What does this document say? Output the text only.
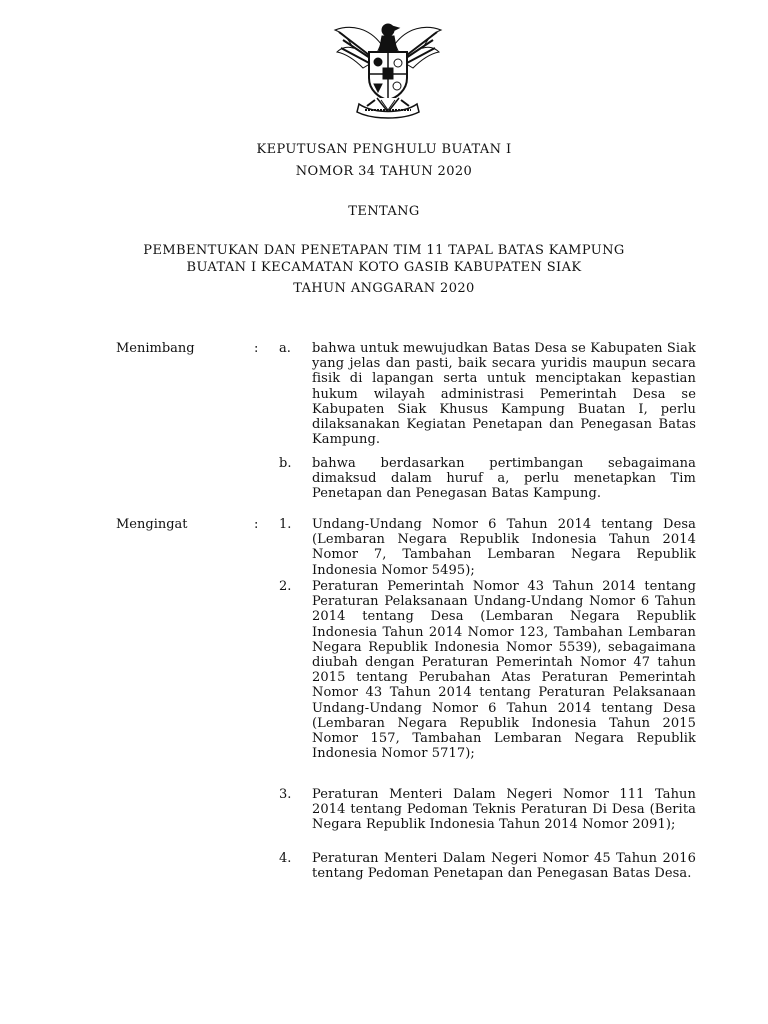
KEPUTUSAN PENGHULU BUATAN I
NOMOR 34 TAHUN 2020
TENTANG
PEMBENTUKAN DAN PENETAPAN TIM 11 TAPAL BATAS KAMPUNG
BUATAN I KECAMATAN KOTO GASIB KABUPATEN SIAK
TAHUN ANGGARAN 2020
Menimbang	: a. bahwa untuk mewujudkan Batas Desa se Kabupaten Siak yang jelas dan pasti, baik secara yuridis maupun secara fisik di lapangan serta untuk menciptakan kepastian hukum wilayah administrasi Pemerintah Desa se Kabupaten Siak Khusus Kampung Buatan I, perlu dilaksanakan Kegiatan Penetapan dan Penegasan Batas Kampung.
b. bahwa berdasarkan pertimbangan sebagaimana dimaksud dalam huruf a, perlu menetapkan Tim Penetapan dan Penegasan Batas Kampung.
Mengingat	: 1. Undang-Undang Nomor 6 Tahun 2014 tentang Desa (Lembaran Negara Republik Indonesia Tahun 2014 Nomor 7, Tambahan Lembaran Negara Republik Indonesia Nomor 5495);
2. Peraturan Pemerintah Nomor 43 Tahun 2014 tentang Peraturan Pelaksanaan Undang-Undang Nomor 6 Tahun 2014 tentang Desa (Lembaran Negara Republik Indonesia Tahun 2014 Nomor 123, Tambahan Lembaran Negara Republik Indonesia Nomor 5539), sebagaimana diubah dengan Peraturan Pemerintah Nomor 47 tahun 2015 tentang Perubahan Atas Peraturan Pemerintah Nomor 43 Tahun 2014 tentang Peraturan Pelaksanaan Undang-Undang Nomor 6 Tahun 2014 tentang Desa (Lembaran Negara Republik Indonesia Tahun 2015 Nomor 157, Tambahan Lembaran Negara Republik Indonesia Nomor 5717);
3. Peraturan Menteri Dalam Negeri Nomor 111 Tahun 2014 tentang Pedoman Teknis Peraturan Di Desa (Berita Negara Republik Indonesia Tahun 2014 Nomor 2091);
4. Peraturan Menteri Dalam Negeri Nomor 45 Tahun 2016 tentang Pedoman Penetapan dan Penegasan Batas Desa.
